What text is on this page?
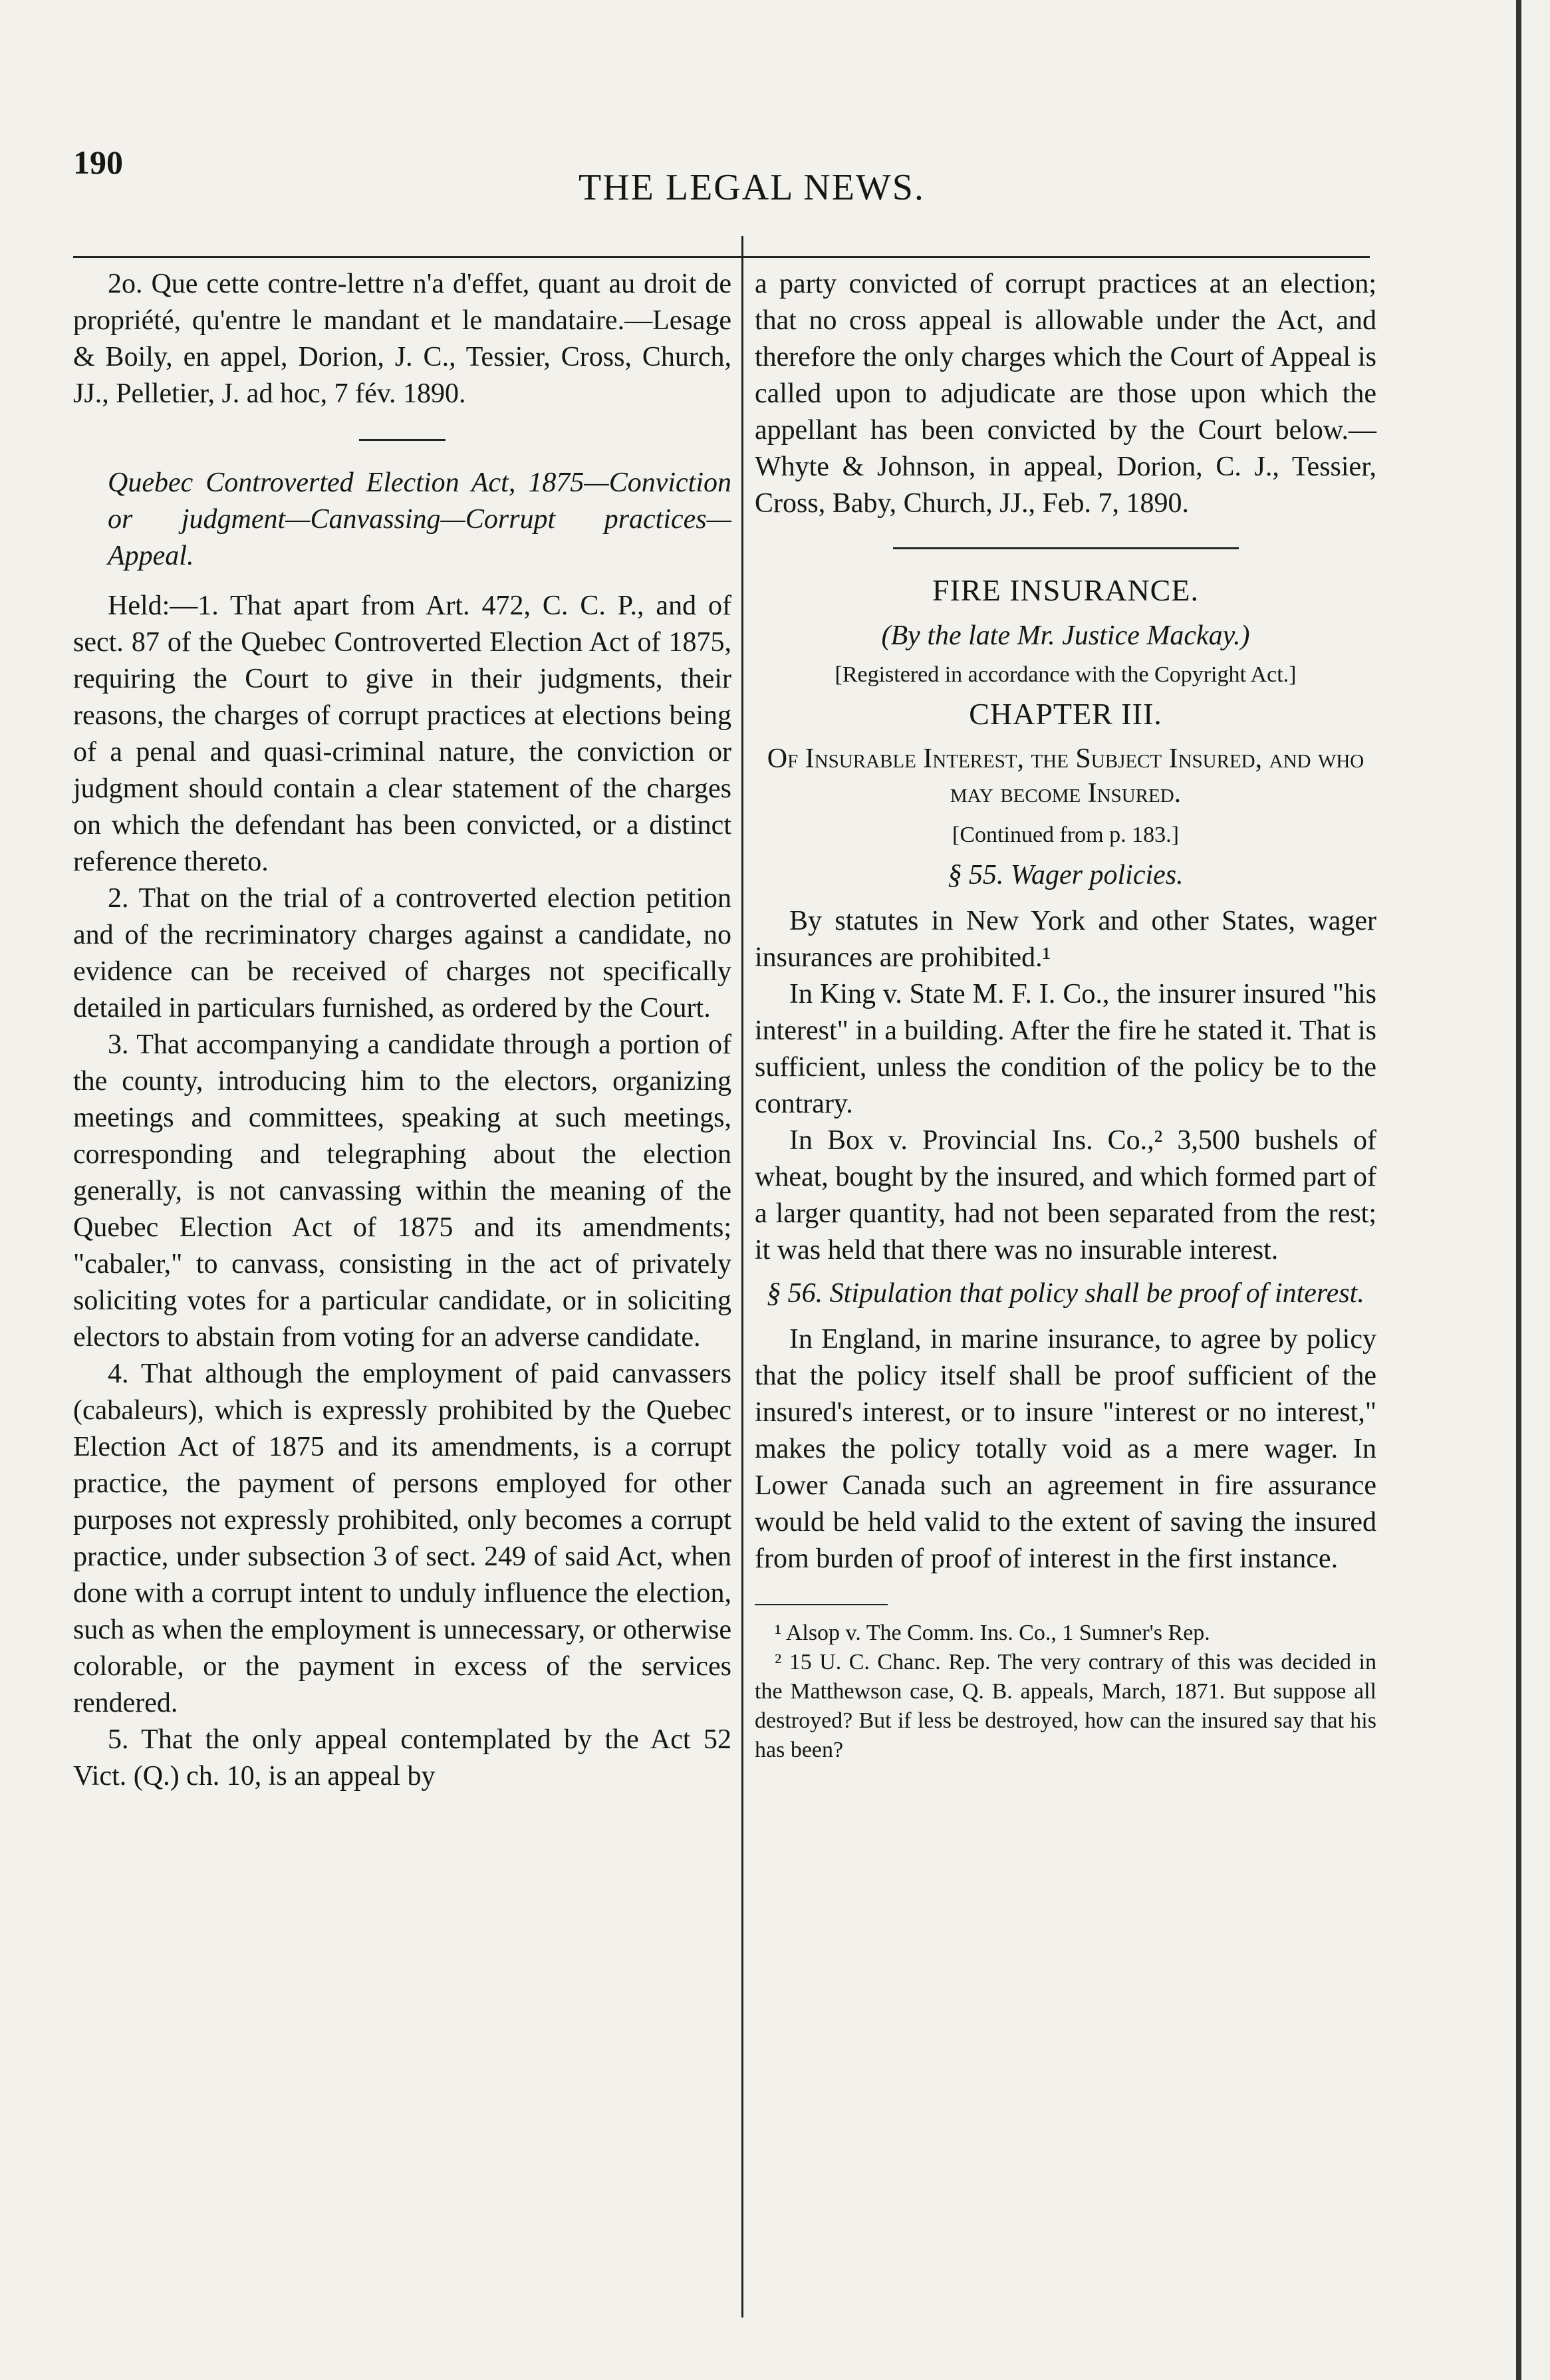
190
THE LEGAL NEWS.

2o. Que cette contre-lettre n'a d'effet, quant au droit de propriété, qu'entre le mandant et le mandataire.—Lesage & Boily, en appel, Dorion, J. C., Tessier, Cross, Church, JJ., Pelletier, J. ad hoc, 7 fév. 1890.

Quebec Controverted Election Act, 1875—Conviction or judgment—Canvassing—Corrupt practices—Appeal.

Held:—1. That apart from Art. 472, C. C. P., and of sect. 87 of the Quebec Controverted Election Act of 1875, requiring the Court to give in their judgments, their reasons, the charges of corrupt practices at elections being of a penal and quasi-criminal nature, the conviction or judgment should contain a clear statement of the charges on which the defendant has been convicted, or a distinct reference thereto.

2. That on the trial of a controverted election petition and of the recriminatory charges against a candidate, no evidence can be received of charges not specifically detailed in particulars furnished, as ordered by the Court.

3. That accompanying a candidate through a portion of the county, introducing him to the electors, organizing meetings and committees, speaking at such meetings, corresponding and telegraphing about the election generally, is not canvassing within the meaning of the Quebec Election Act of 1875 and its amendments; "cabaler," to canvass, consisting in the act of privately soliciting votes for a particular candidate, or in soliciting electors to abstain from voting for an adverse candidate.

4. That although the employment of paid canvassers (cabaleurs), which is expressly prohibited by the Quebec Election Act of 1875 and its amendments, is a corrupt practice, the payment of persons employed for other purposes not expressly prohibited, only becomes a corrupt practice, under subsection 3 of sect. 249 of said Act, when done with a corrupt intent to unduly influence the election, such as when the employment is unnecessary, or otherwise colorable, or the payment in excess of the services rendered.

5. That the only appeal contemplated by the Act 52 Vict. (Q.) ch. 10, is an appeal by

a party convicted of corrupt practices at an election; that no cross appeal is allowable under the Act, and therefore the only charges which the Court of Appeal is called upon to adjudicate are those upon which the appellant has been convicted by the Court below.—Whyte & Johnson, in appeal, Dorion, C. J., Tessier, Cross, Baby, Church, JJ., Feb. 7, 1890.

FIRE INSURANCE.

(By the late Mr. Justice Mackay.)

[Registered in accordance with the Copyright Act.]

CHAPTER III.

Of Insurable Interest, the Subject Insured, and who may become Insured.

[Continued from p. 183.]

§ 55. Wager policies.

By statutes in New York and other States, wager insurances are prohibited.¹

In King v. State M. F. I. Co., the insurer insured "his interest" in a building. After the fire he stated it. That is sufficient, unless the condition of the policy be to the contrary.

In Box v. Provincial Ins. Co.,² 3,500 bushels of wheat, bought by the insured, and which formed part of a larger quantity, had not been separated from the rest; it was held that there was no insurable interest.

§ 56. Stipulation that policy shall be proof of interest.

In England, in marine insurance, to agree by policy that the policy itself shall be proof sufficient of the insured's interest, or to insure "interest or no interest," makes the policy totally void as a mere wager. In Lower Canada such an agreement in fire assurance would be held valid to the extent of saving the insured from burden of proof of interest in the first instance.

¹ Alsop v. The Comm. Ins. Co., 1 Sumner's Rep.

² 15 U. C. Chanc. Rep. The very contrary of this was decided in the Matthewson case, Q. B. appeals, March, 1871. But suppose all destroyed? But if less be destroyed, how can the insured say that his has been?
